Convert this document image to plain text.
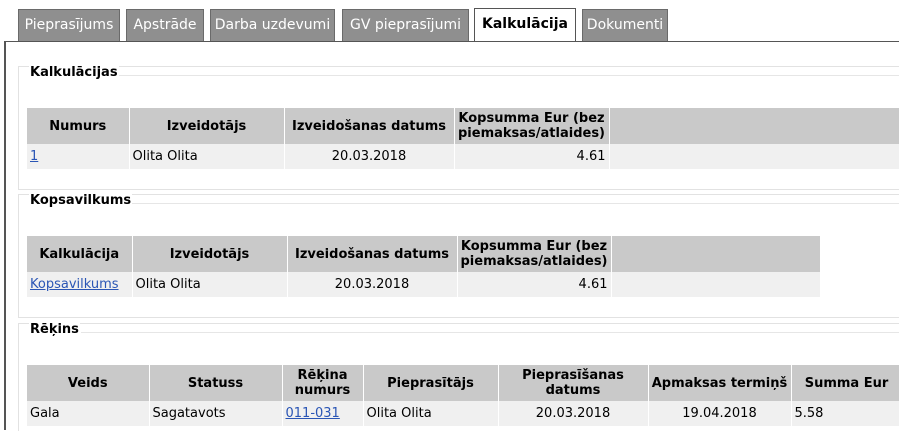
Pieprasījums	Apstrāde	Darba uzdevumi	GV pieprasījumi	Kalkulācija	Dokumenti
Kalkulācijas
Numurs	Izveidotājs	Izveidošanas datums	Kopsumma Eur (bez piemaksas/atlaides)	
1	Olita Olita	20.03.2018	4.61	
Kopsavilkums
Kalkulācija	Izveidotājs	Izveidošanas datums	Kopsumma Eur (bez piemaksas/atlaides)	
Kopsavilkums	Olita Olita	20.03.2018	4.61	
Rēķins
Veids	Statuss	Rēķina numurs	Pieprasītājs	Pieprasīšanas datums	Apmaksas termiņš	Summa Eur
Gala	Sagatavots	011-031	Olita Olita	20.03.2018	19.04.2018	5.58
